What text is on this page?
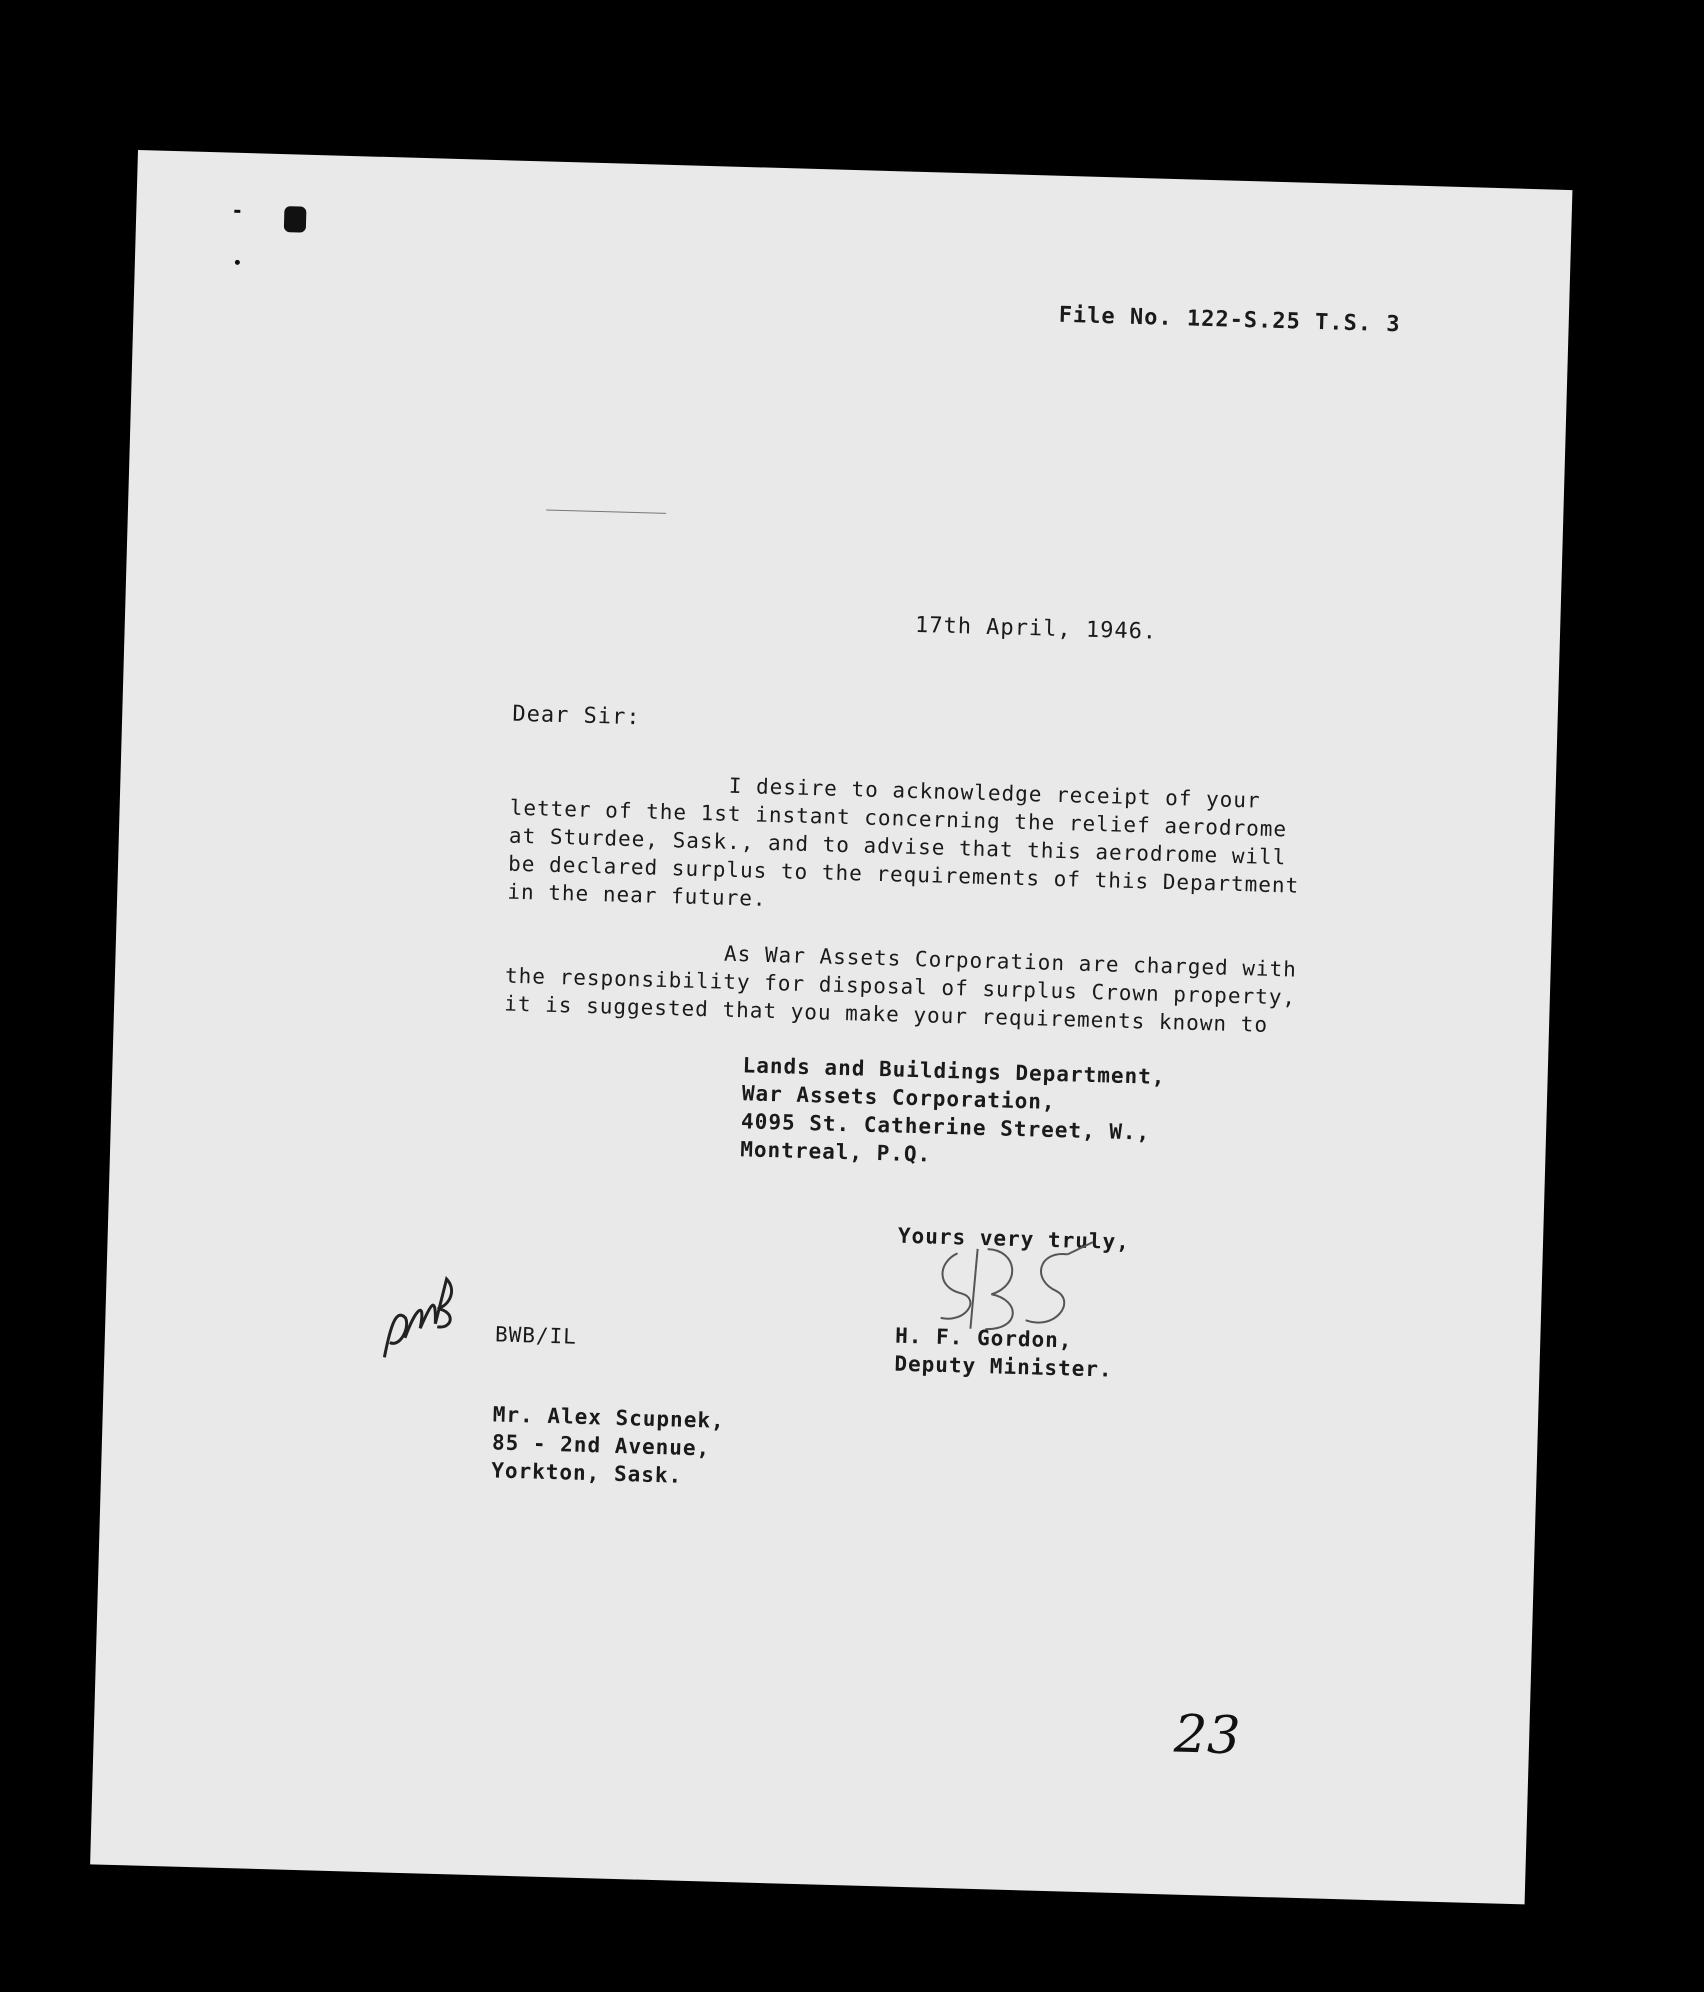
File No. 122-S.25 T.S. 3
17th April, 1946.
Dear Sir:
I desire to acknowledge receipt of your
letter of the 1st instant concerning the relief aerodrome
at Sturdee, Sask., and to advise that this aerodrome will
be declared surplus to the requirements of this Department
in the near future.
As War Assets Corporation are charged with
the responsibility for disposal of surplus Crown property,
it is suggested that you make your requirements known to
Lands and Buildings Department,
War Assets Corporation,
4095 St. Catherine Street, W.,
Montreal, P.Q.
Yours very truly,
H. F. Gordon,
Deputy Minister.
BWB/IL
Mr. Alex Scupnek,
85 - 2nd Avenue,
Yorkton, Sask.
23
